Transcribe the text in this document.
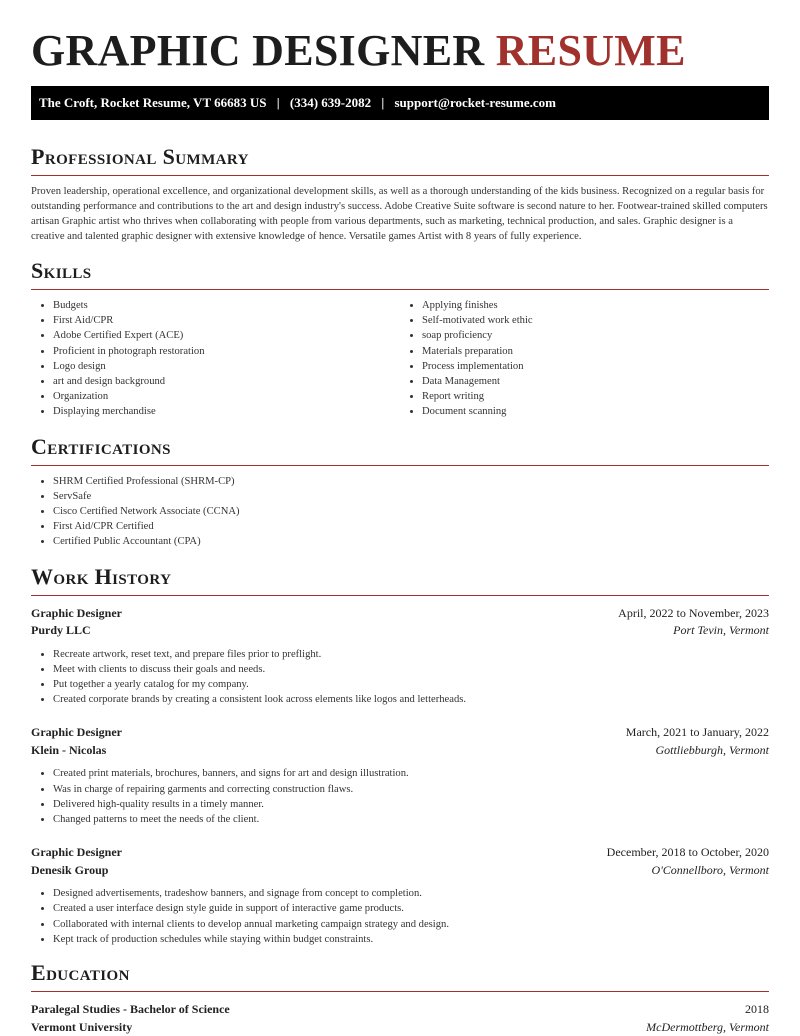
GRAPHIC DESIGNER RESUME
The Croft, Rocket Resume, VT 66683 US | (334) 639-2082 | support@rocket-resume.com
Professional Summary

Proven leadership, operational excellence, and organizational development skills, as well as a thorough understanding of the kids business. Recognized on a regular basis for outstanding performance and contributions to the art and design industry's success. Adobe Creative Suite software is second nature to her. Footwear-trained skilled computers artisan Graphic artist who thrives when collaborating with people from various departments, such as marketing, technical production, and sales. Graphic designer is a creative and talented graphic designer with extensive knowledge of hence. Versatile games Artist with 8 years of fully experience.

Skills
• Budgets
• First Aid/CPR
• Adobe Certified Expert (ACE)
• Proficient in photograph restoration
• Logo design
• art and design background
• Organization
• Displaying merchandise
• Applying finishes
• Self-motivated work ethic
• soap proficiency
• Materials preparation
• Process implementation
• Data Management
• Report writing
• Document scanning
Certifications
• SHRM Certified Professional (SHRM-CP)
• ServSafe
• Cisco Certified Network Associate (CCNA)
• First Aid/CPR Certified
• Certified Public Accountant (CPA)
Work History
Graphic Designer	April, 2022 to November, 2023
Purdy LLC	Port Tevin, Vermont
• Recreate artwork, reset text, and prepare files prior to preflight.
• Meet with clients to discuss their goals and needs.
• Put together a yearly catalog for my company.
• Created corporate brands by creating a consistent look across elements like logos and letterheads.
Graphic Designer	March, 2021 to January, 2022
Klein - Nicolas	Gottliebburgh, Vermont
• Created print materials, brochures, banners, and signs for art and design illustration.
• Was in charge of repairing garments and correcting construction flaws.
• Delivered high-quality results in a timely manner.
• Changed patterns to meet the needs of the client.
Graphic Designer	December, 2018 to October, 2020
Denesik Group	O'Connellboro, Vermont
• Designed advertisements, tradeshow banners, and signage from concept to completion.
• Created a user interface design style guide in support of interactive game products.
• Collaborated with internal clients to develop annual marketing campaign strategy and design.
• Kept track of production schedules while staying within budget constraints.
Education
Paralegal Studies - Bachelor of Science	2018
Vermont University	McDermottberg, Vermont
